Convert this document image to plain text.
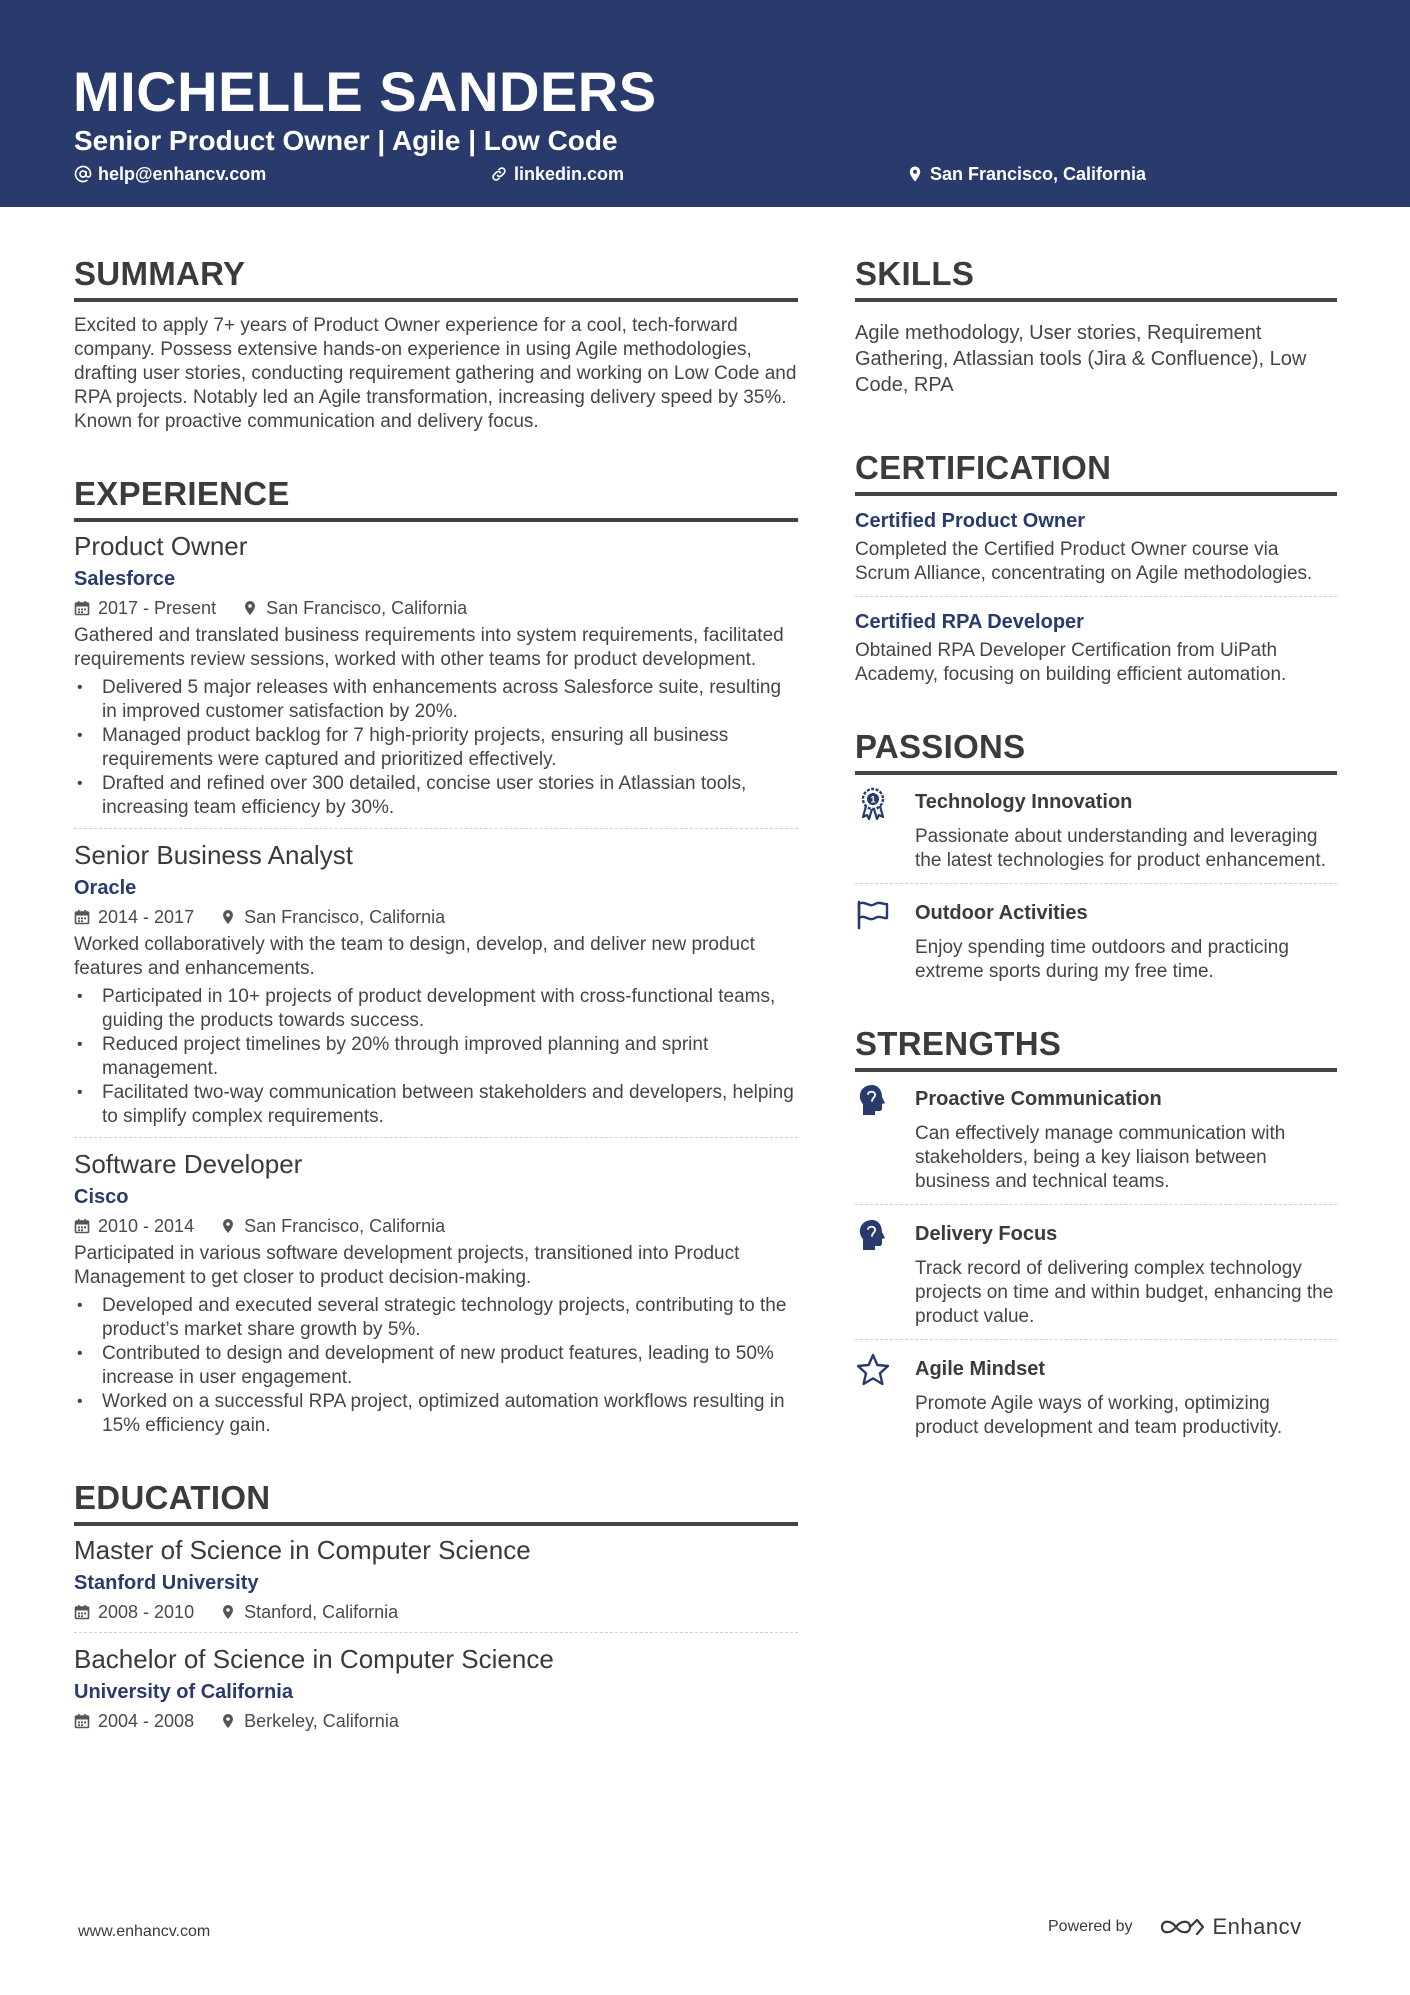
MICHELLE SANDERS
Senior Product Owner | Agile | Low Code
help@enhancv.com	linkedin.com	San Francisco, California
SUMMARY
Excited to apply 7+ years of Product Owner experience for a cool, tech-forward company. Possess extensive hands-on experience in using Agile methodologies, drafting user stories, conducting requirement gathering and working on Low Code and RPA projects. Notably led an Agile transformation, increasing delivery speed by 35%. Known for proactive communication and delivery focus.
EXPERIENCE
Product Owner
Salesforce
2017 - Present	San Francisco, California
Gathered and translated business requirements into system requirements, facilitated requirements review sessions, worked with other teams for product development.
• Delivered 5 major releases with enhancements across Salesforce suite, resulting in improved customer satisfaction by 20%.
• Managed product backlog for 7 high-priority projects, ensuring all business requirements were captured and prioritized effectively.
• Drafted and refined over 300 detailed, concise user stories in Atlassian tools, increasing team efficiency by 30%.
Senior Business Analyst
Oracle
2014 - 2017	San Francisco, California
Worked collaboratively with the team to design, develop, and deliver new product features and enhancements.
• Participated in 10+ projects of product development with cross-functional teams, guiding the products towards success.
• Reduced project timelines by 20% through improved planning and sprint management.
• Facilitated two-way communication between stakeholders and developers, helping to simplify complex requirements.
Software Developer
Cisco
2010 - 2014	San Francisco, California
Participated in various software development projects, transitioned into Product Management to get closer to product decision-making.
• Developed and executed several strategic technology projects, contributing to the product’s market share growth by 5%.
• Contributed to design and development of new product features, leading to 50% increase in user engagement.
• Worked on a successful RPA project, optimized automation workflows resulting in 15% efficiency gain.
EDUCATION
Master of Science in Computer Science
Stanford University
2008 - 2010	Stanford, California
Bachelor of Science in Computer Science
University of California
2004 - 2008	Berkeley, California
SKILLS
Agile methodology, User stories, Requirement Gathering, Atlassian tools (Jira & Confluence), Low Code, RPA
CERTIFICATION
Certified Product Owner
Completed the Certified Product Owner course via Scrum Alliance, concentrating on Agile methodologies.
Certified RPA Developer
Obtained RPA Developer Certification from UiPath Academy, focusing on building efficient automation.
PASSIONS
1 Technology Innovation
Passionate about understanding and leveraging the latest technologies for product enhancement.
Outdoor Activities
Enjoy spending time outdoors and practicing extreme sports during my free time.
STRENGTHS
Proactive Communication
Can effectively manage communication with stakeholders, being a key liaison between business and technical teams.
Delivery Focus
Track record of delivering complex technology projects on time and within budget, enhancing the product value.
Agile Mindset
Promote Agile ways of working, optimizing product development and team productivity.
www.enhancv.com	Powered by	Enhancv
